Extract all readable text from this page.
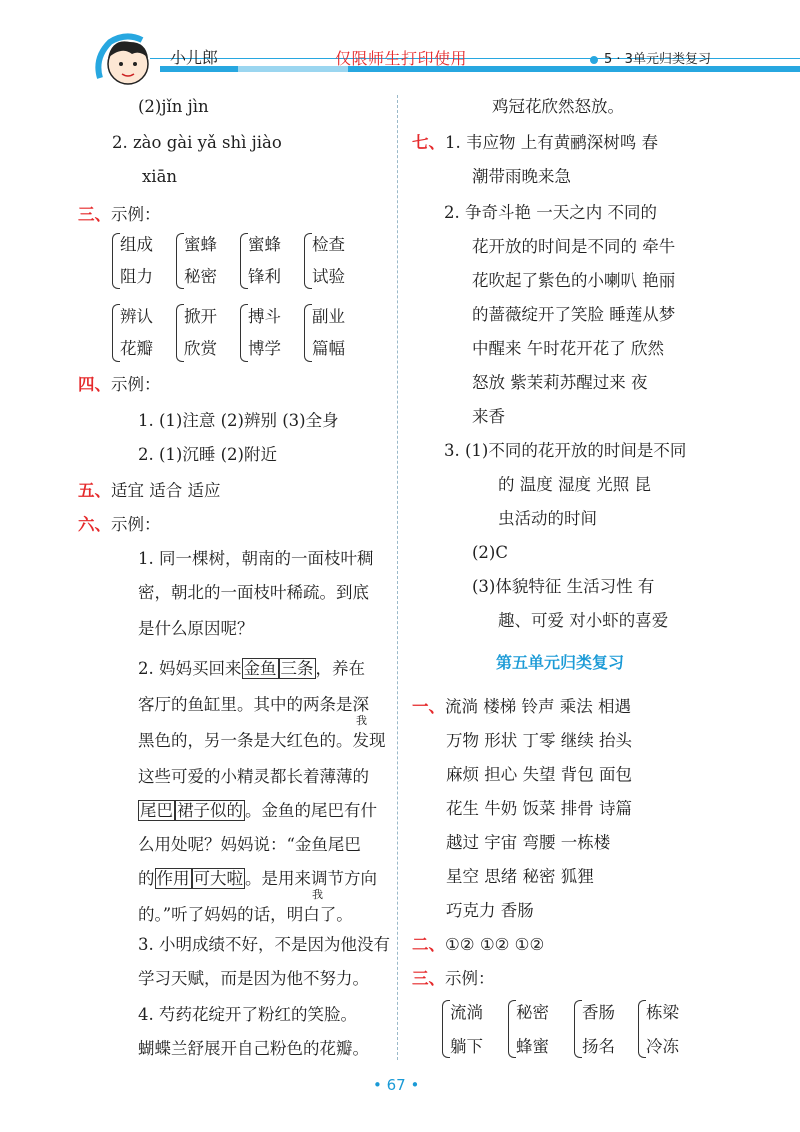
小儿郎	仅限师生打印使用	5 · 3单元归类复习
(2)jǐn jìn
2. zào gài yǎ shì jiào
xiān
三、示例：
组成
阻力
蜜蜂
秘密
蜜蜂
锋利
检查
试验
辨认
花瓣
掀开
欣赏
搏斗
博学
副业
篇幅
四、示例：
1. (1)注意 (2)辨别 (3)全身
2. (1)沉睡 (2)附近
五、适宜 适合 适应
六、示例：
1. 同一棵树，朝南的一面枝叶稠
密，朝北的一面枝叶稀疏。到底
是什么原因呢？
2. 妈妈买回来 金鱼 三条 ，养在
客厅的鱼缸里。其中的两条是深
黑色的，另一条是大红色的。发现
我
这些可爱的小精灵都长着薄薄的
尾巴 裙子似的 。金鱼的尾巴有什
么用处呢？妈妈说：“金鱼尾巴
的 作用 可大啦 。是用来调节方向
的。”听了妈妈的话，明白了。
我
3. 小明成绩不好，不是因为他没有
学习天赋，而是因为他不努力。
4. 芍药花绽开了粉红的笑脸。
蝴蝶兰舒展开自己粉色的花瓣。
鸡冠花欣然怒放。
七、1. 韦应物 上有黄鹂深树鸣 春
潮带雨晚来急
2. 争奇斗艳 一天之内 不同的
花开放的时间是不同的 牵牛
花吹起了紫色的小喇叭 艳丽
的蔷薇绽开了笑脸 睡莲从梦
中醒来 午时花开花了 欣然
怒放 紫茉莉苏醒过来 夜
来香
3. (1)不同的花开放的时间是不同
的 温度 湿度 光照 昆
虫活动的时间
(2)C
(3)体貌特征 生活习性 有
趣、可爱 对小虾的喜爱
第五单元归类复习
一、流淌 楼梯 铃声 乘法 相遇
万物 形状 丁零 继续 抬头
麻烦 担心 失望 背包 面包
花生 牛奶 饭菜 排骨 诗篇
越过 宇宙 弯腰 一栋楼
星空 思绪 秘密 狐狸
巧克力 香肠
二、①② ①② ①②
三、示例：
流淌
躺下
秘密
蜂蜜
香肠
扬名
栋梁
冷冻
• 67 •
